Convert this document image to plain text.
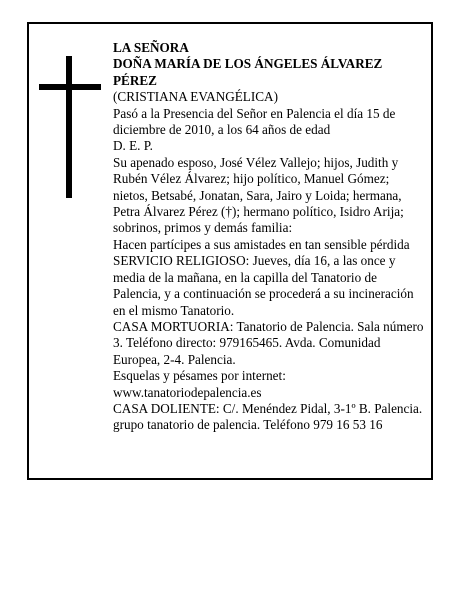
LA SEÑORA

DOÑA MARÍA DE LOS ÁNGELES ÁLVAREZ PÉREZ

(CRISTIANA EVANGÉLICA)

Pasó a la Presencia del Señor en Palencia el día 15 de diciembre de 2010, a los 64 años de edad

D. E. P.

Su apenado esposo, José Vélez Vallejo; hijos, Judith y Rubén Vélez Álvarez; hijo político, Manuel Gómez; nietos, Betsabé, Jonatan, Sara, Jairo y Loida; hermana, Petra Álvarez Pérez (†); hermano político, Isidro Arija; sobrinos, primos y demás familia:

Hacen partícipes a sus amistades en tan sensible pérdida

SERVICIO RELIGIOSO: Jueves, día 16, a las once y media de la mañana, en la capilla del Tanatorio de Palencia, y a continuación se procederá a su incineración en el mismo Tanatorio.

CASA MORTUORIA: Tanatorio de Palencia. Sala número 3. Teléfono directo: 979165465. Avda. Comunidad Europea, 2-4. Palencia.

Esquelas y pésames por internet: www.tanatoriodepalencia.es

CASA DOLIENTE: C/. Menéndez Pidal, 3-1º B. Palencia.

grupo tanatorio de palencia. Teléfono 979 16 53 16
